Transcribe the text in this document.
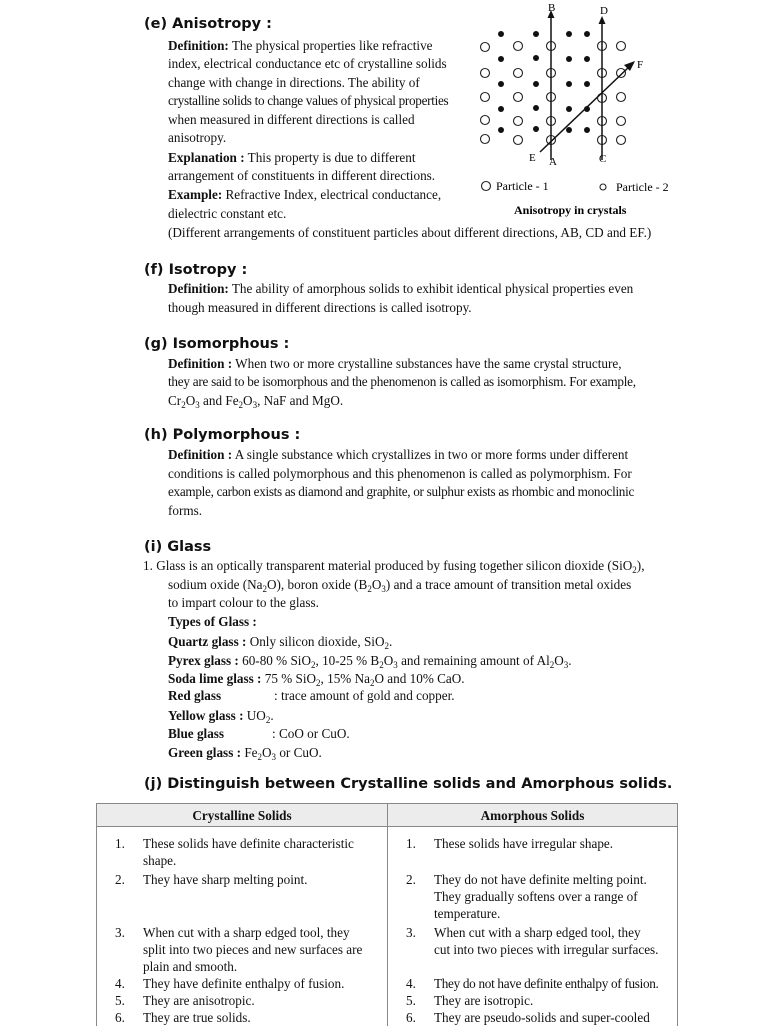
(e) Anisotropy :
Definition: The physical properties like refractive
index, electrical conductance etc of crystalline solids
change with change in directions. The ability of
crystalline solids to change values of physical properties
when measured in different directions is called
anisotropy.
Explanation : This property is due to different
arrangement of constituents in different directions.
Example: Refractive Index, electrical conductance,
dielectric constant etc.
(Different arrangements of constituent particles about different directions, AB, CD and EF.)
B	D
F
E A	C
Particle - 1	Particle - 2
Anisotropy in crystals
(f) Isotropy :
Definition: The ability of amorphous solids to exhibit identical physical properties even
though measured in different directions is called isotropy.
(g) Isomorphous :
Definition : When two or more crystalline substances have the same crystal structure,
they are said to be isomorphous and the phenomenon is called as isomorphism. For example,
$Cr_2O_3$ and $Fe_2O_3$, NaF and MgO.
(h) Polymorphous :
Definition : A single substance which crystallizes in two or more forms under different
conditions is called polymorphous and this phenomenon is called as polymorphism. For
example, carbon exists as diamond and graphite, or sulphur exists as rhombic and monoclinic
forms.
(i) Glass
1. Glass is an optically transparent material produced by fusing together silicon dioxide (SiO$_2$),
sodium oxide $(Na_2O)$, boron oxide $(B_2O_3)$ and a trace amount of transition metal oxides
to impart colour to the glass.
Types of Glass :
Quartz glass : Only silicon dioxide, SiO$_2$.
Pyrex glass : 60-80 % SiO$_2$, 10-25 % $B_2O_3$ and remaining amount of $Al_2O_3$.
Soda lime glass : 75 % SiO$_2$, 15% $Na_2O$ and 10% CaO.
Red glass	: trace amount of gold and copper.
Yellow glass : $UO_2$.
Blue glass	: CoO or CuO.
Green glass : $Fe_2O_3$ or CuO.
(j) Distinguish between Crystalline solids and Amorphous solids.
Crystalline Solids	Amorphous Solids

1. These solids have definite characteristic
shape.	1. These solids have irregular shape.

2. They have sharp melting point.	2. They do not have definite melting point.
They gradually softens over a range of
temperature.

3. When cut with a sharp edged tool, they
split into two pieces and new surfaces are
plain and smooth.	3. When cut with a sharp edged tool, they
cut into two pieces with irregular surfaces.

4. They have definite enthalpy of fusion.	4. They do not have definite enthalpy of fusion.

5. They are anisotropic.	5. They are isotropic.

6. They are true solids.	6. They are pseudo-solids and super-cooled
